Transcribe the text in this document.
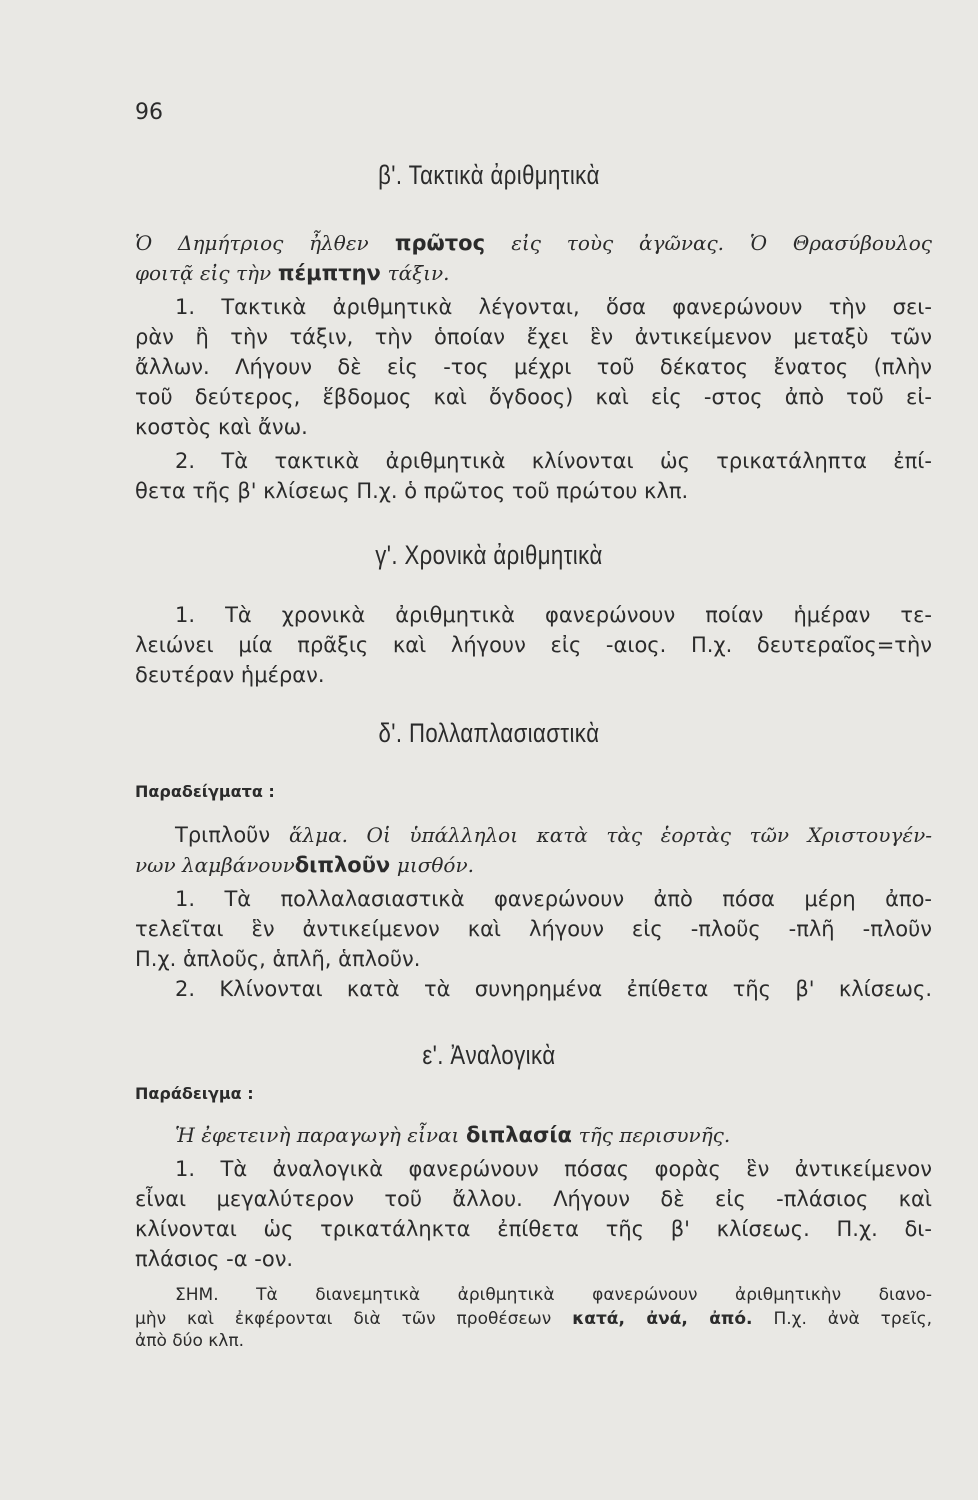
96
β'. Τακτικὰ ἀριθμητικὰ
Ὁ Δημήτριος ἦλθεν πρῶτος εἰς τοὺς ἀγῶνας. Ὁ Θρασύβουλος
φοιτᾷ εἰς τὴν πέμπτην τάξιν.
1. Τακτικὰ ἀριθμητικὰ λέγονται, ὅσα φανερώνουν τὴν σει-
ρὰν ἢ τὴν τάξιν, τὴν ὁποίαν ἔχει ἓν ἀντικείμενον μεταξὺ τῶν
ἄλλων. Λήγουν δὲ εἰς -τος μέχρι τοῦ δέκατος ἔνατος (πλὴν
τοῦ δεύτερος, ἕβδομος καὶ ὄγδοος) καὶ εἰς -στος ἀπὸ τοῦ εἰ-
κοστὸς καὶ ἄνω.
2. Τὰ τακτικὰ ἀριθμητικὰ κλίνονται ὡς τρικατάληπτα ἐπί-
θετα τῆς β' κλίσεως Π.χ. ὁ πρῶτος τοῦ πρώτου κλπ.
γ'. Χρονικὰ ἀριθμητικὰ
1. Τὰ χρονικὰ ἀριθμητικὰ φανερώνουν ποίαν ἡμέραν τε-
λειώνει μία πρᾶξις καὶ λήγουν εἰς -αιος. Π.χ. δευτεραῖος=τὴν
δευτέραν ἡμέραν.
δ'. Πολλαπλασιαστικὰ
Παραδείγματα :
Τριπλοῦν ἅλμα. Οἱ ὑπάλληλοι κατὰ τὰς ἑορτὰς τῶν Χριστουγέν-
νων λαμβάνουνδιπλοῦν μισθόν.
1. Τὰ πολλαλασιαστικὰ φανερώνουν ἀπὸ πόσα μέρη ἀπο-
τελεῖται ἓν ἀντικείμενον καὶ λήγουν εἰς -πλοῦς -πλῆ -πλοῦν
Π.χ. ἁπλοῦς, ἁπλῆ, ἁπλοῦν.
2. Κλίνονται κατὰ τὰ συνηρημένα ἐπίθετα τῆς β' κλίσεως.
ε'. Ἀναλογικὰ
Παράδειγμα :
Ἡ ἐφετεινὴ παραγωγὴ εἶναι διπλασία τῆς περισυνῆς.
1. Τὰ ἀναλογικὰ φανερώνουν πόσας φορὰς ἓν ἀντικείμενον
εἶναι μεγαλύτερον τοῦ ἄλλου. Λήγουν δὲ εἰς -πλάσιος καὶ
κλίνονται ὡς τρικατάληκτα ἐπίθετα τῆς β' κλίσεως. Π.χ. δι-
πλάσιος -α -ον.
ΣΗΜ. Τὰ διανεμητικὰ ἀριθμητικὰ φανερώνουν ἀριθμητικὴν διανο-
μὴν καὶ ἐκφέρονται διὰ τῶν προθέσεων κατά, ἀνά, ἀπό. Π.χ. ἀνὰ τρεῖς,
ἀπὸ δύο κλπ.
